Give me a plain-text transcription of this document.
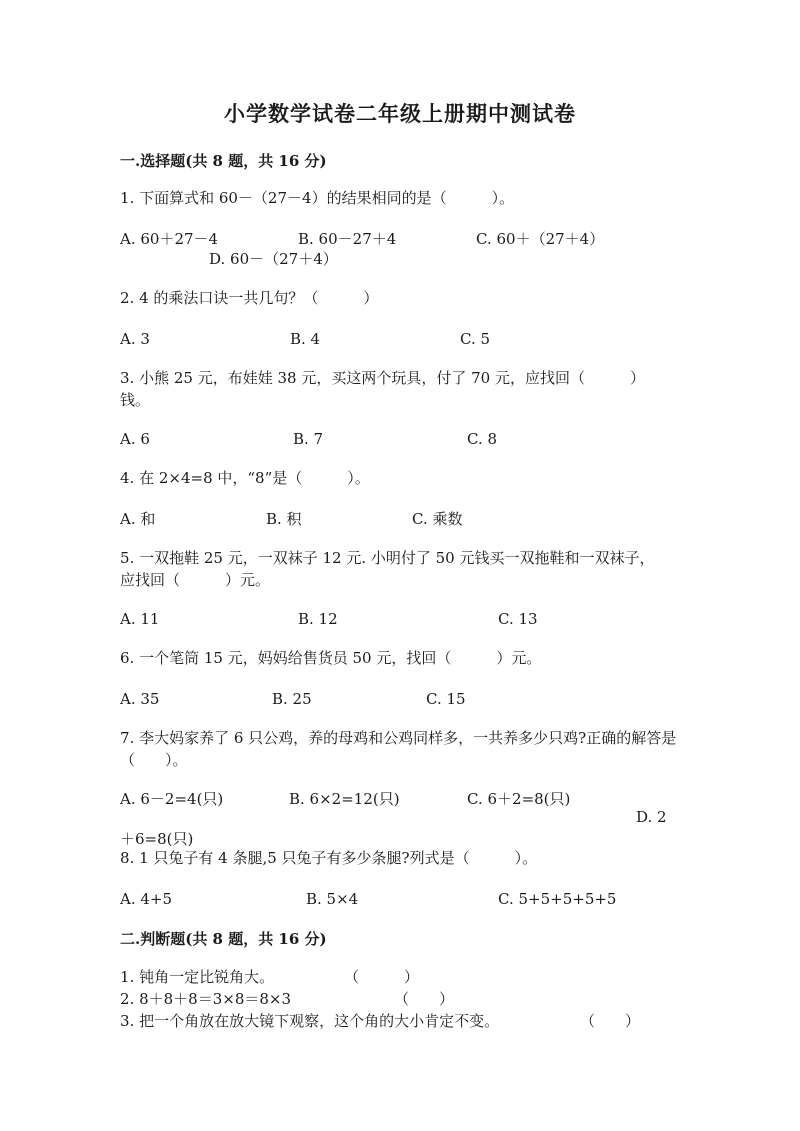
小学数学试卷二年级上册期中测试卷
一.选择题(共 8 题，共 16 分)
1. 下面算式和 60－（27－4）的结果相同的是（　　　）。
A. 60＋27－4	B. 60－27＋4	C. 60＋（27＋4）
D. 60－（27＋4）
2. 4 的乘法口诀一共几句？（　　　）
A. 3	B. 4	C. 5
3. 小熊 25 元，布娃娃 38 元，买这两个玩具，付了 70 元，应找回（　　　）钱。
A. 6	B. 7	C. 8
4. 在 2×4=8 中，“8”是（　　　）。
A. 和	B. 积	C. 乘数
5. 一双拖鞋 25 元，一双袜子 12 元. 小明付了 50 元钱买一双拖鞋和一双袜子，应找回（　　　）元。
A. 11	B. 12	C. 13
6. 一个笔筒 15 元，妈妈给售货员 50 元，找回（　　　）元。
A. 35	B. 25	C. 15
7. 李大妈家养了 6 只公鸡，养的母鸡和公鸡同样多，一共养多少只鸡?正确的解答是（　　）。
A. 6－2=4(只)	B. 6×2=12(只)	C. 6＋2=8(只)
D. 2＋6=8(只)
8. 1 只兔子有 4 条腿,5 只兔子有多少条腿?列式是（　　　）。
A. 4+5	B. 5×4	C. 5+5+5+5+5
二.判断题(共 8 题，共 16 分)
1. 钝角一定比锐角大。	（　　　）
2. 8＋8＋8＝3×8＝8×3	（　　）
3. 把一个角放在放大镜下观察，这个角的大小肯定不变。	（　　）
